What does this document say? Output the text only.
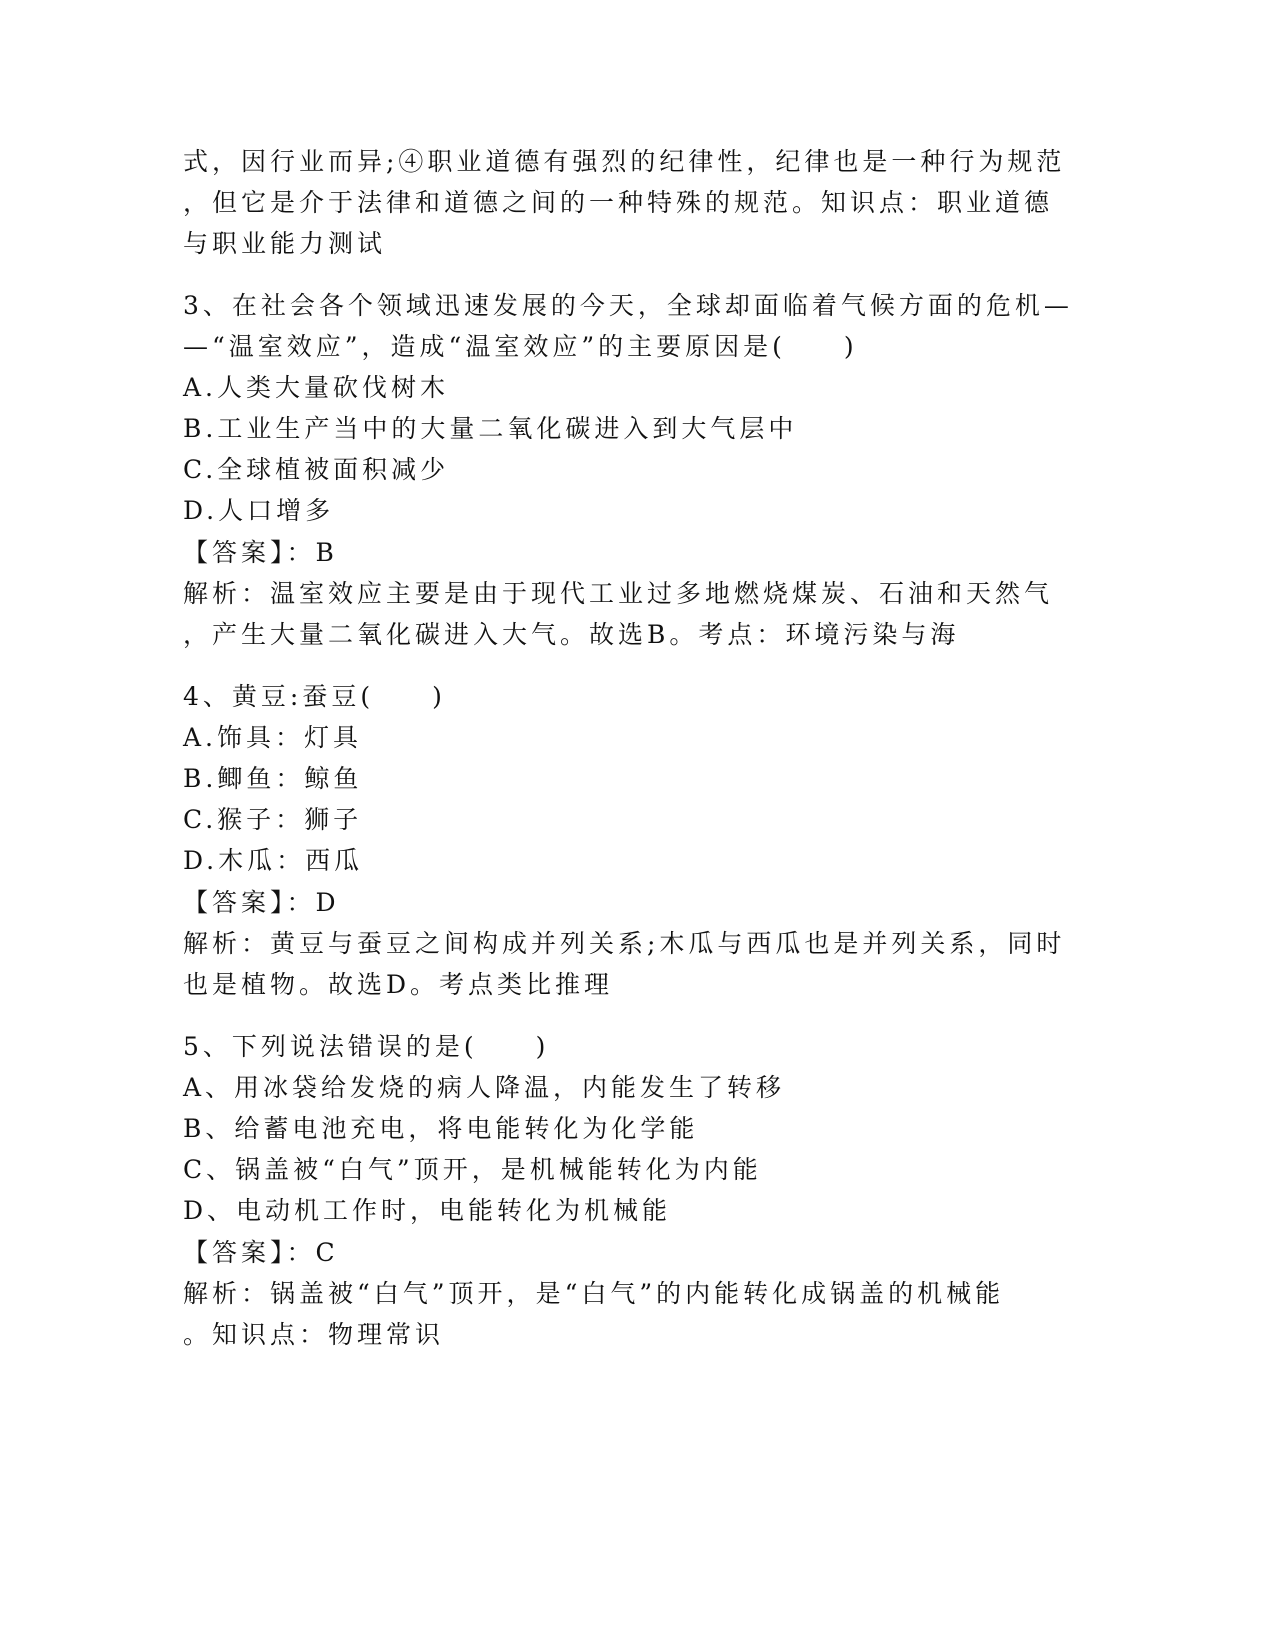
式，因行业而异;④职业道德有强烈的纪律性，纪律也是一种行为规范
，但它是介于法律和道德之间的一种特殊的规范。知识点：职业道德
与职业能力测试
3、在社会各个领域迅速发展的今天，全球却面临着气候方面的危机—
—“温室效应”，造成“温室效应”的主要原因是(　　)
A.人类大量砍伐树木
B.工业生产当中的大量二氧化碳进入到大气层中
C.全球植被面积减少
D.人口增多
【答案】：B
解析：温室效应主要是由于现代工业过多地燃烧煤炭、石油和天然气
，产生大量二氧化碳进入大气。故选B。考点：环境污染与海
4、黄豆:蚕豆(　　)
A.饰具：灯具
B.鲫鱼：鲸鱼
C.猴子：狮子
D.木瓜：西瓜
【答案】：D
解析：黄豆与蚕豆之间构成并列关系;木瓜与西瓜也是并列关系，同时
也是植物。故选D。考点类比推理
5、下列说法错误的是(　　)
A、用冰袋给发烧的病人降温，内能发生了转移
B、给蓄电池充电，将电能转化为化学能
C、锅盖被“白气”顶开，是机械能转化为内能
D、电动机工作时，电能转化为机械能
【答案】：C
解析：锅盖被“白气”顶开，是“白气”的内能转化成锅盖的机械能
。知识点：物理常识
